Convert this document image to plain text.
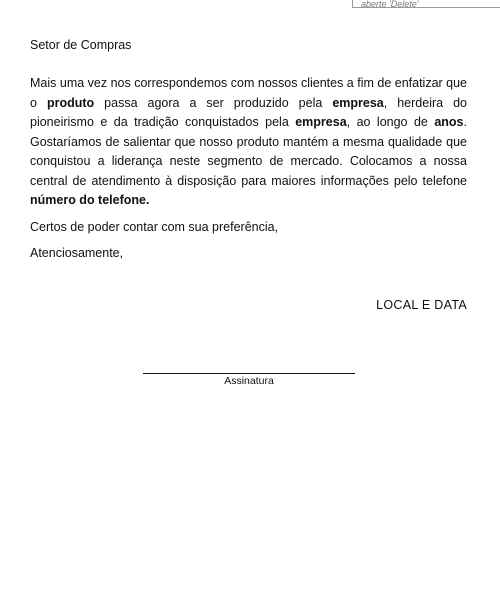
aberte 'Delete'
Setor de Compras

Mais uma vez nos correspondemos com nossos clientes a fim de enfatizar que o produto passa agora a ser produzido pela empresa, herdeira do pioneirismo e da tradição conquistados pela empresa, ao longo de anos. Gostaríamos de salientar que nosso produto mantém a mesma qualidade que conquistou a liderança neste segmento de mercado. Colocamos a nossa central de atendimento à disposição para maiores informações pelo telefone número do telefone.

Certos de poder contar com sua preferência,
Atenciosamente,
LOCAL E DATA
Assinatura
